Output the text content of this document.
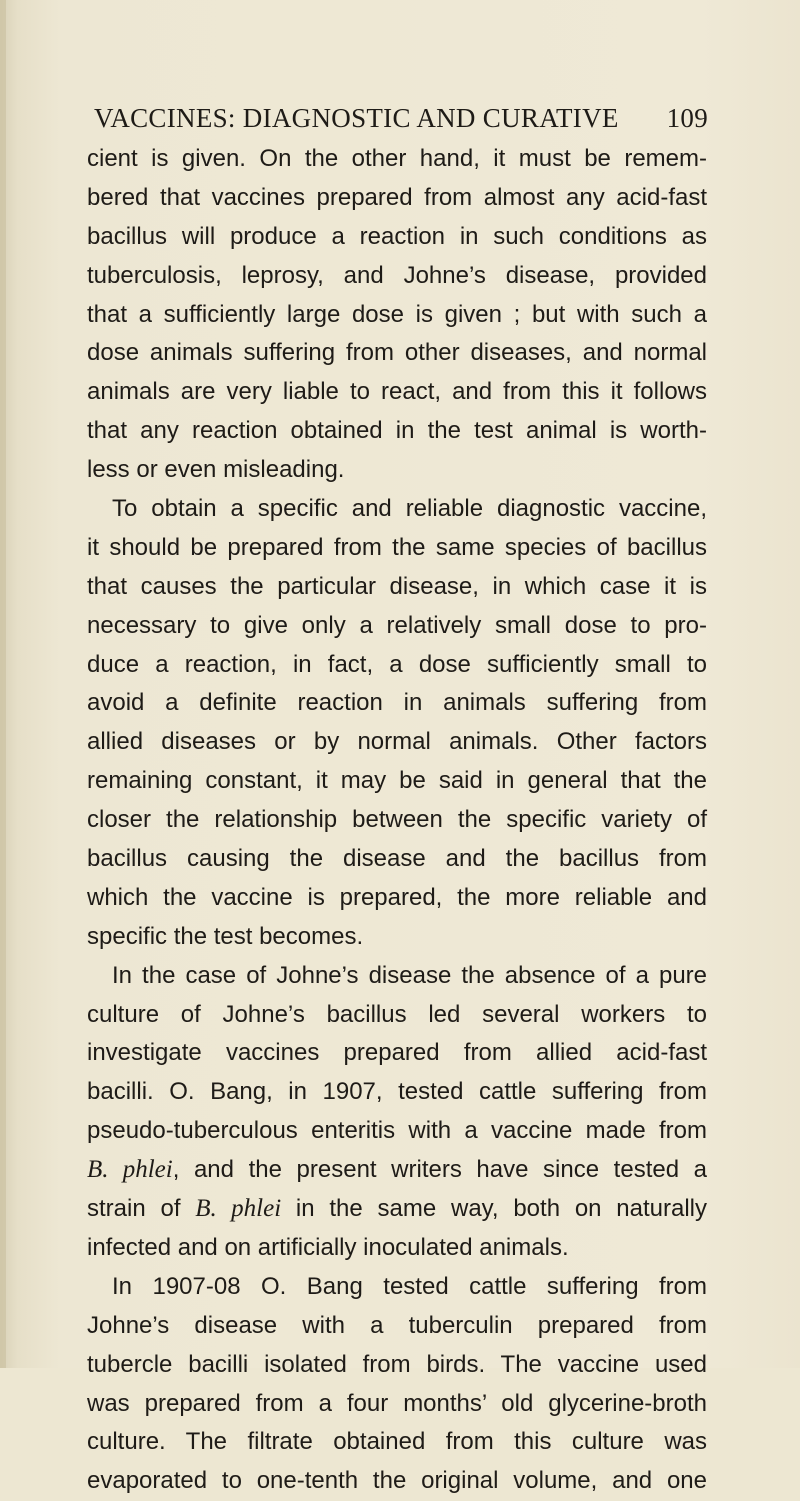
VACCINES: DIAGNOSTIC AND CURATIVE 109
cient is given. On the other hand, it must be remem-
bered that vaccines prepared from almost any acid-fast
bacillus will produce a reaction in such conditions as
tuberculosis, leprosy, and Johne’s disease, provided
that a sufficiently large dose is given ; but with such a
dose animals suffering from other diseases, and normal
animals are very liable to react, and from this it follows
that any reaction obtained in the test animal is worth-
less or even misleading.
To obtain a specific and reliable diagnostic vaccine,
it should be prepared from the same species of bacillus
that causes the particular disease, in which case it is
necessary to give only a relatively small dose to pro-
duce a reaction, in fact, a dose sufficiently small to
avoid a definite reaction in animals suffering from
allied diseases or by normal animals. Other factors
remaining constant, it may be said in general that the
closer the relationship between the specific variety of
bacillus causing the disease and the bacillus from
which the vaccine is prepared, the more reliable and
specific the test becomes.
In the case of Johne’s disease the absence of a pure
culture of Johne’s bacillus led several workers to
investigate vaccines prepared from allied acid-fast
bacilli. O. Bang, in 1907, tested cattle suffering from
pseudo-tuberculous enteritis with a vaccine made from
B. phlei, and the present writers have since tested a
strain of B. phlei in the same way, both on naturally
infected and on artificially inoculated animals.
In 1907-08 O. Bang tested cattle suffering from
Johne’s disease with a tuberculin prepared from
tubercle bacilli isolated from birds. The vaccine used
was prepared from a four months’ old glycerine-broth
culture. The filtrate obtained from this culture was
evaporated to one-tenth the original volume, and one
